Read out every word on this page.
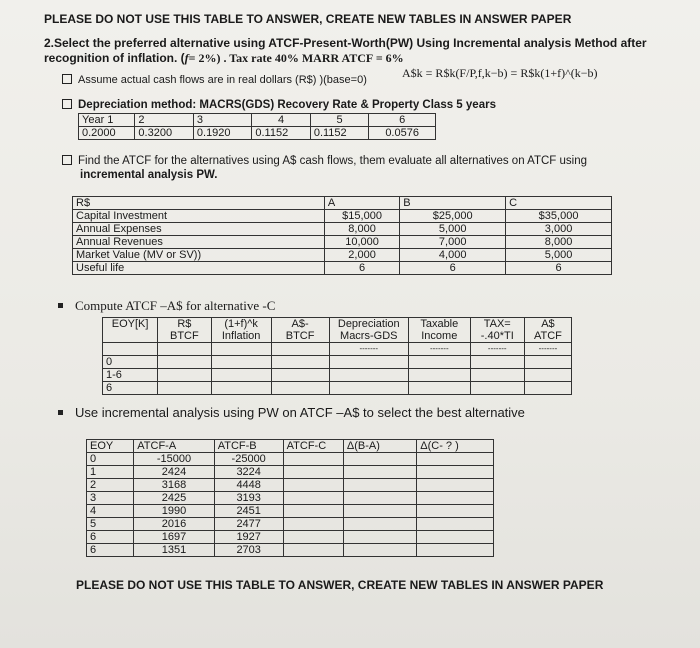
PLEASE DO NOT USE THIS TABLE TO ANSWER, CREATE NEW TABLES IN ANSWER PAPER
2.Select the preferred alternative using ATCF-Present-Worth(PW) Using Incremental analysis Method after
recognition of inflation. (f= 2%) . Tax rate 40% MARR ATCF = 6%
Assume actual cash flows are in real dollars (R$) )(base=0)	A$k = R$k(F/P,f,k−b) = R$k(1+f)^(k−b)
Depreciation method: MACRS(GDS) Recovery Rate & Property Class 5 years
Year 1	2	3	4	5	6
0.2000	0.3200	0.1920	0.1152	0.1152	0.0576
Find the ATCF for the alternatives using A$ cash flows, them evaluate all alternatives on ATCF using
incremental analysis PW.
R$	A	B	C
Capital Investment	$15,000	$25,000	$35,000
Annual Expenses	8,000	5,000	3,000
Annual Revenues	10,000	7,000	8,000
Market Value (MV or SV))	2,000	4,000	5,000
Useful life	6	6	6
Compute ATCF –A$ for alternative -C
Use incremental analysis using PW on ATCF –A$ to select the best alternative
PLEASE DO NOT USE THIS TABLE TO ANSWER, CREATE NEW TABLES IN ANSWER PAPER
EOY[K]	R$	(1+f)^k	A$-	Depreciation	Taxable	TAX=	A$
	BTCF	Inflation	BTCF	Macrs-GDS	Income	-.40*TI	ATCF
				-------	-------	-------	-------
0							
1-6							
6							
EOY	ATCF-A	ATCF-B	ATCF-C	Δ(B-A)	Δ(C- ? )
0	-15000	-25000			
1	2424	3224			
2	3168	4448			
3	2425	3193			
4	1990	2451			
5	2016	2477			
6	1697	1927			
6	1351	2703			
